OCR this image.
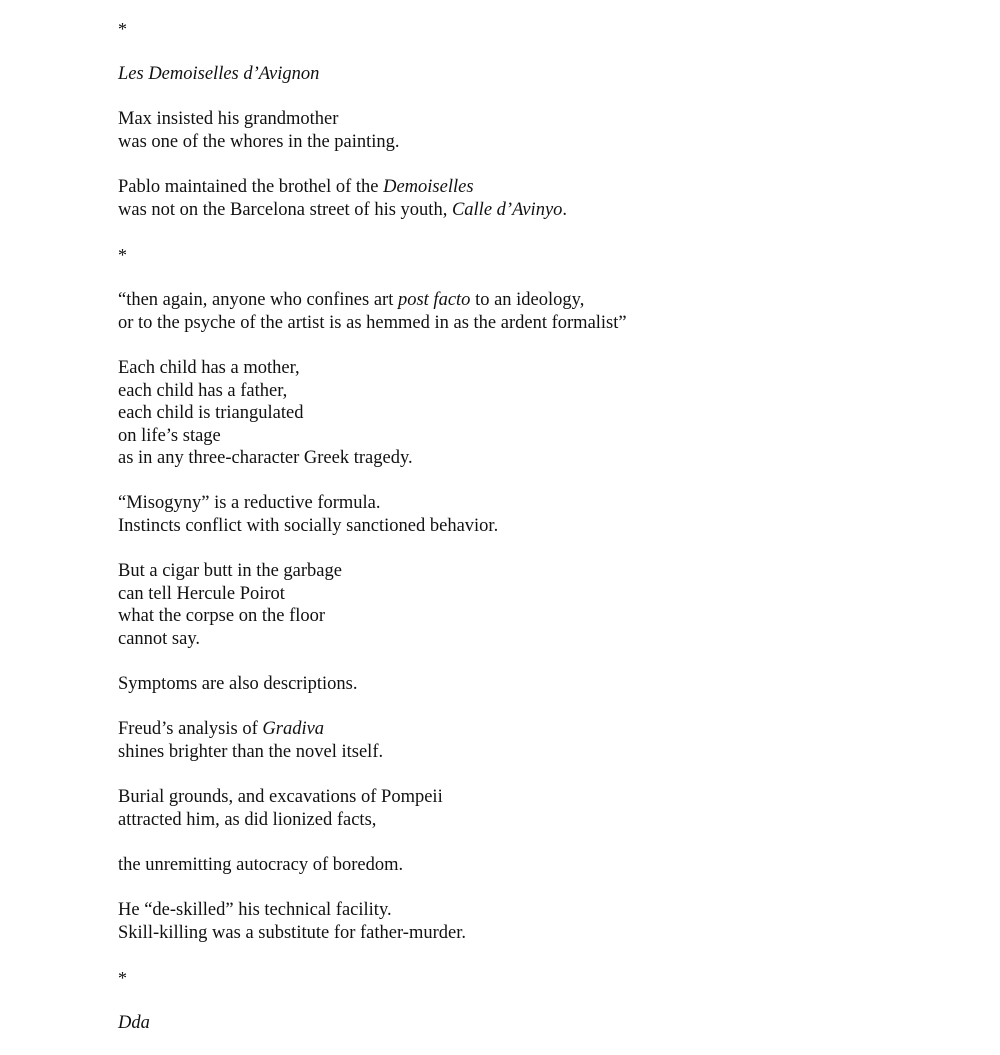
*
Les Demoiselles d’Avignon
Max insisted his grandmother
was one of the whores in the painting.
Pablo maintained the brothel of the Demoiselles
was not on the Barcelona street of his youth, Calle d’Avinyo.
*
“then again, anyone who confines art post facto to an ideology,
or to the psyche of the artist is as hemmed in as the ardent formalist”
Each child has a mother,
each child has a father,
each child is triangulated
on life’s stage
as in any three-character Greek tragedy.
“Misogyny” is a reductive formula.
Instincts conflict with socially sanctioned behavior.
But a cigar butt in the garbage
can tell Hercule Poirot
what the corpse on the floor
cannot say.
Symptoms are also descriptions.
Freud’s analysis of Gradiva
shines brighter than the novel itself.
Burial grounds, and excavations of Pompeii
attracted him, as did lionized facts,
the unremitting autocracy of boredom.
He “de-skilled” his technical facility.
Skill-killing was a substitute for father-murder.
*
Dda
